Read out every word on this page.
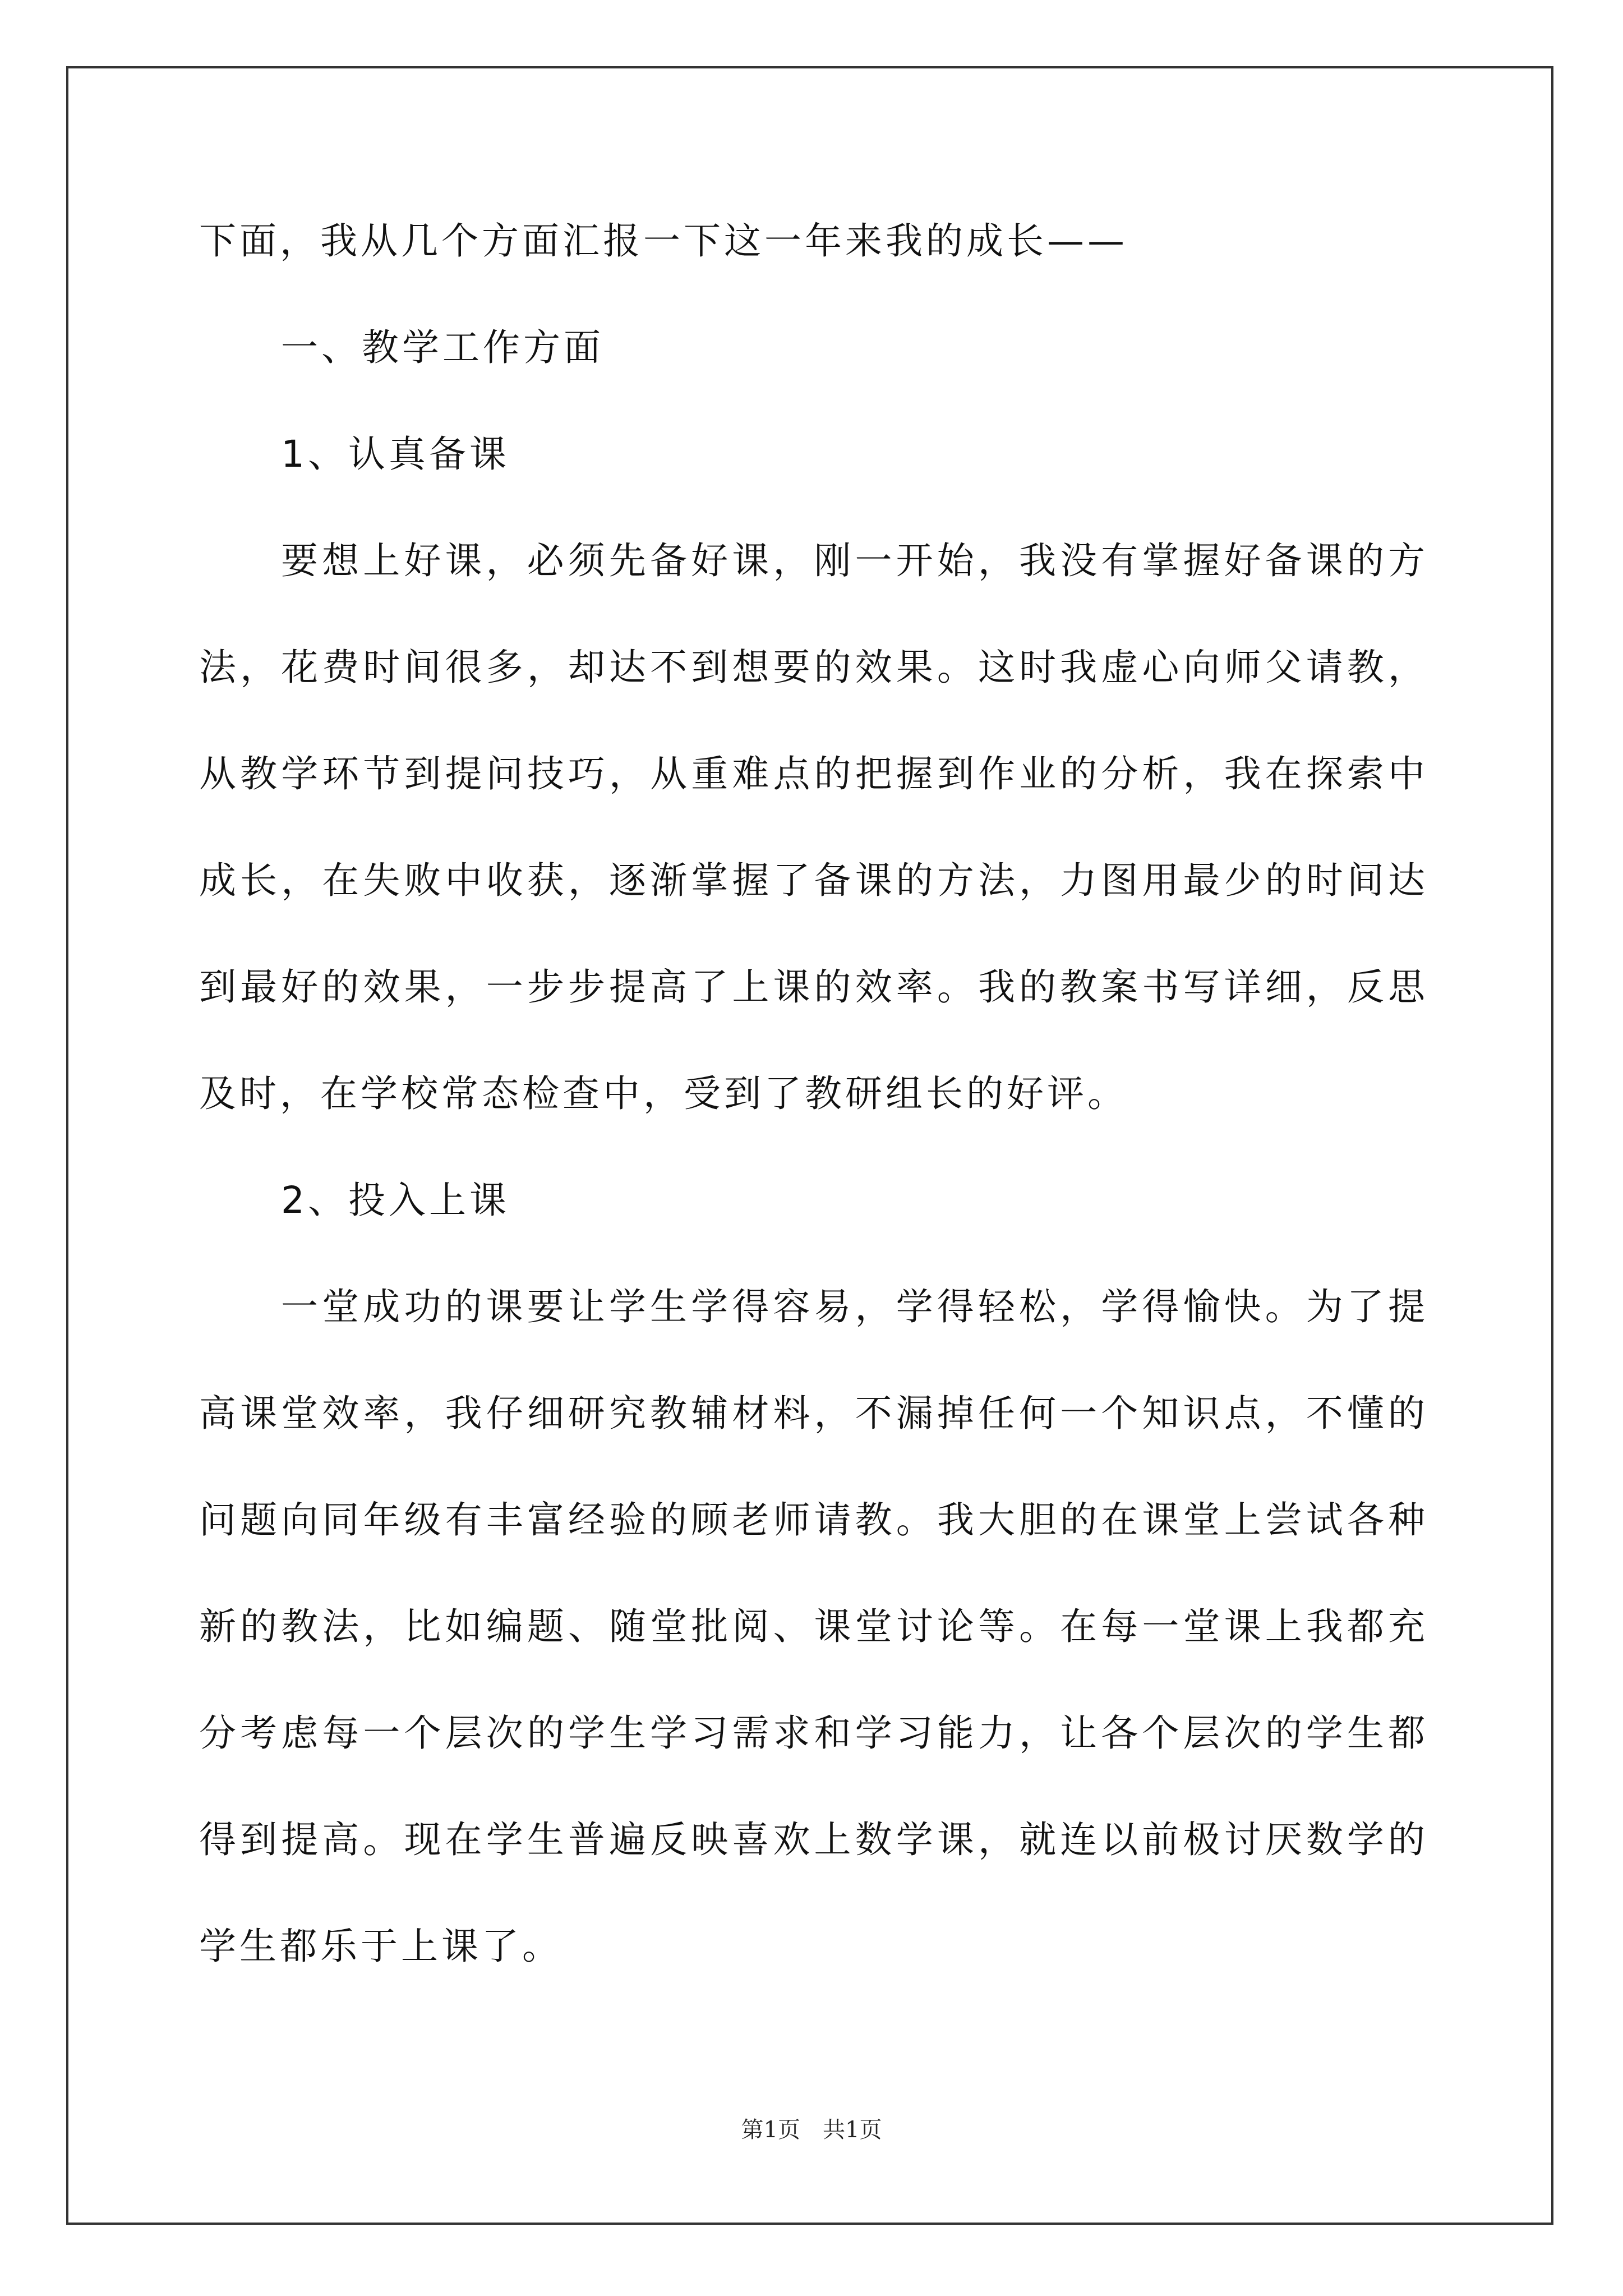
下面，我从几个方面汇报一下这一年来我的成长——
一、教学工作方面
1、认真备课
要想上好课，必须先备好课，刚一开始，我没有掌握好备课的方
法，花费时间很多，却达不到想要的效果。这时我虚心向师父请教，
从教学环节到提问技巧，从重难点的把握到作业的分析，我在探索中
成长，在失败中收获，逐渐掌握了备课的方法，力图用最少的时间达
到最好的效果，一步步提高了上课的效率。我的教案书写详细，反思
及时，在学校常态检查中，受到了教研组长的好评。
2、投入上课
一堂成功的课要让学生学得容易，学得轻松，学得愉快。为了提
高课堂效率，我仔细研究教辅材料，不漏掉任何一个知识点，不懂的
问题向同年级有丰富经验的顾老师请教。我大胆的在课堂上尝试各种
新的教法，比如编题、随堂批阅、课堂讨论等。在每一堂课上我都充
分考虑每一个层次的学生学习需求和学习能力，让各个层次的学生都
得到提高。现在学生普遍反映喜欢上数学课，就连以前极讨厌数学的
学生都乐于上课了。
第1页　共1页
